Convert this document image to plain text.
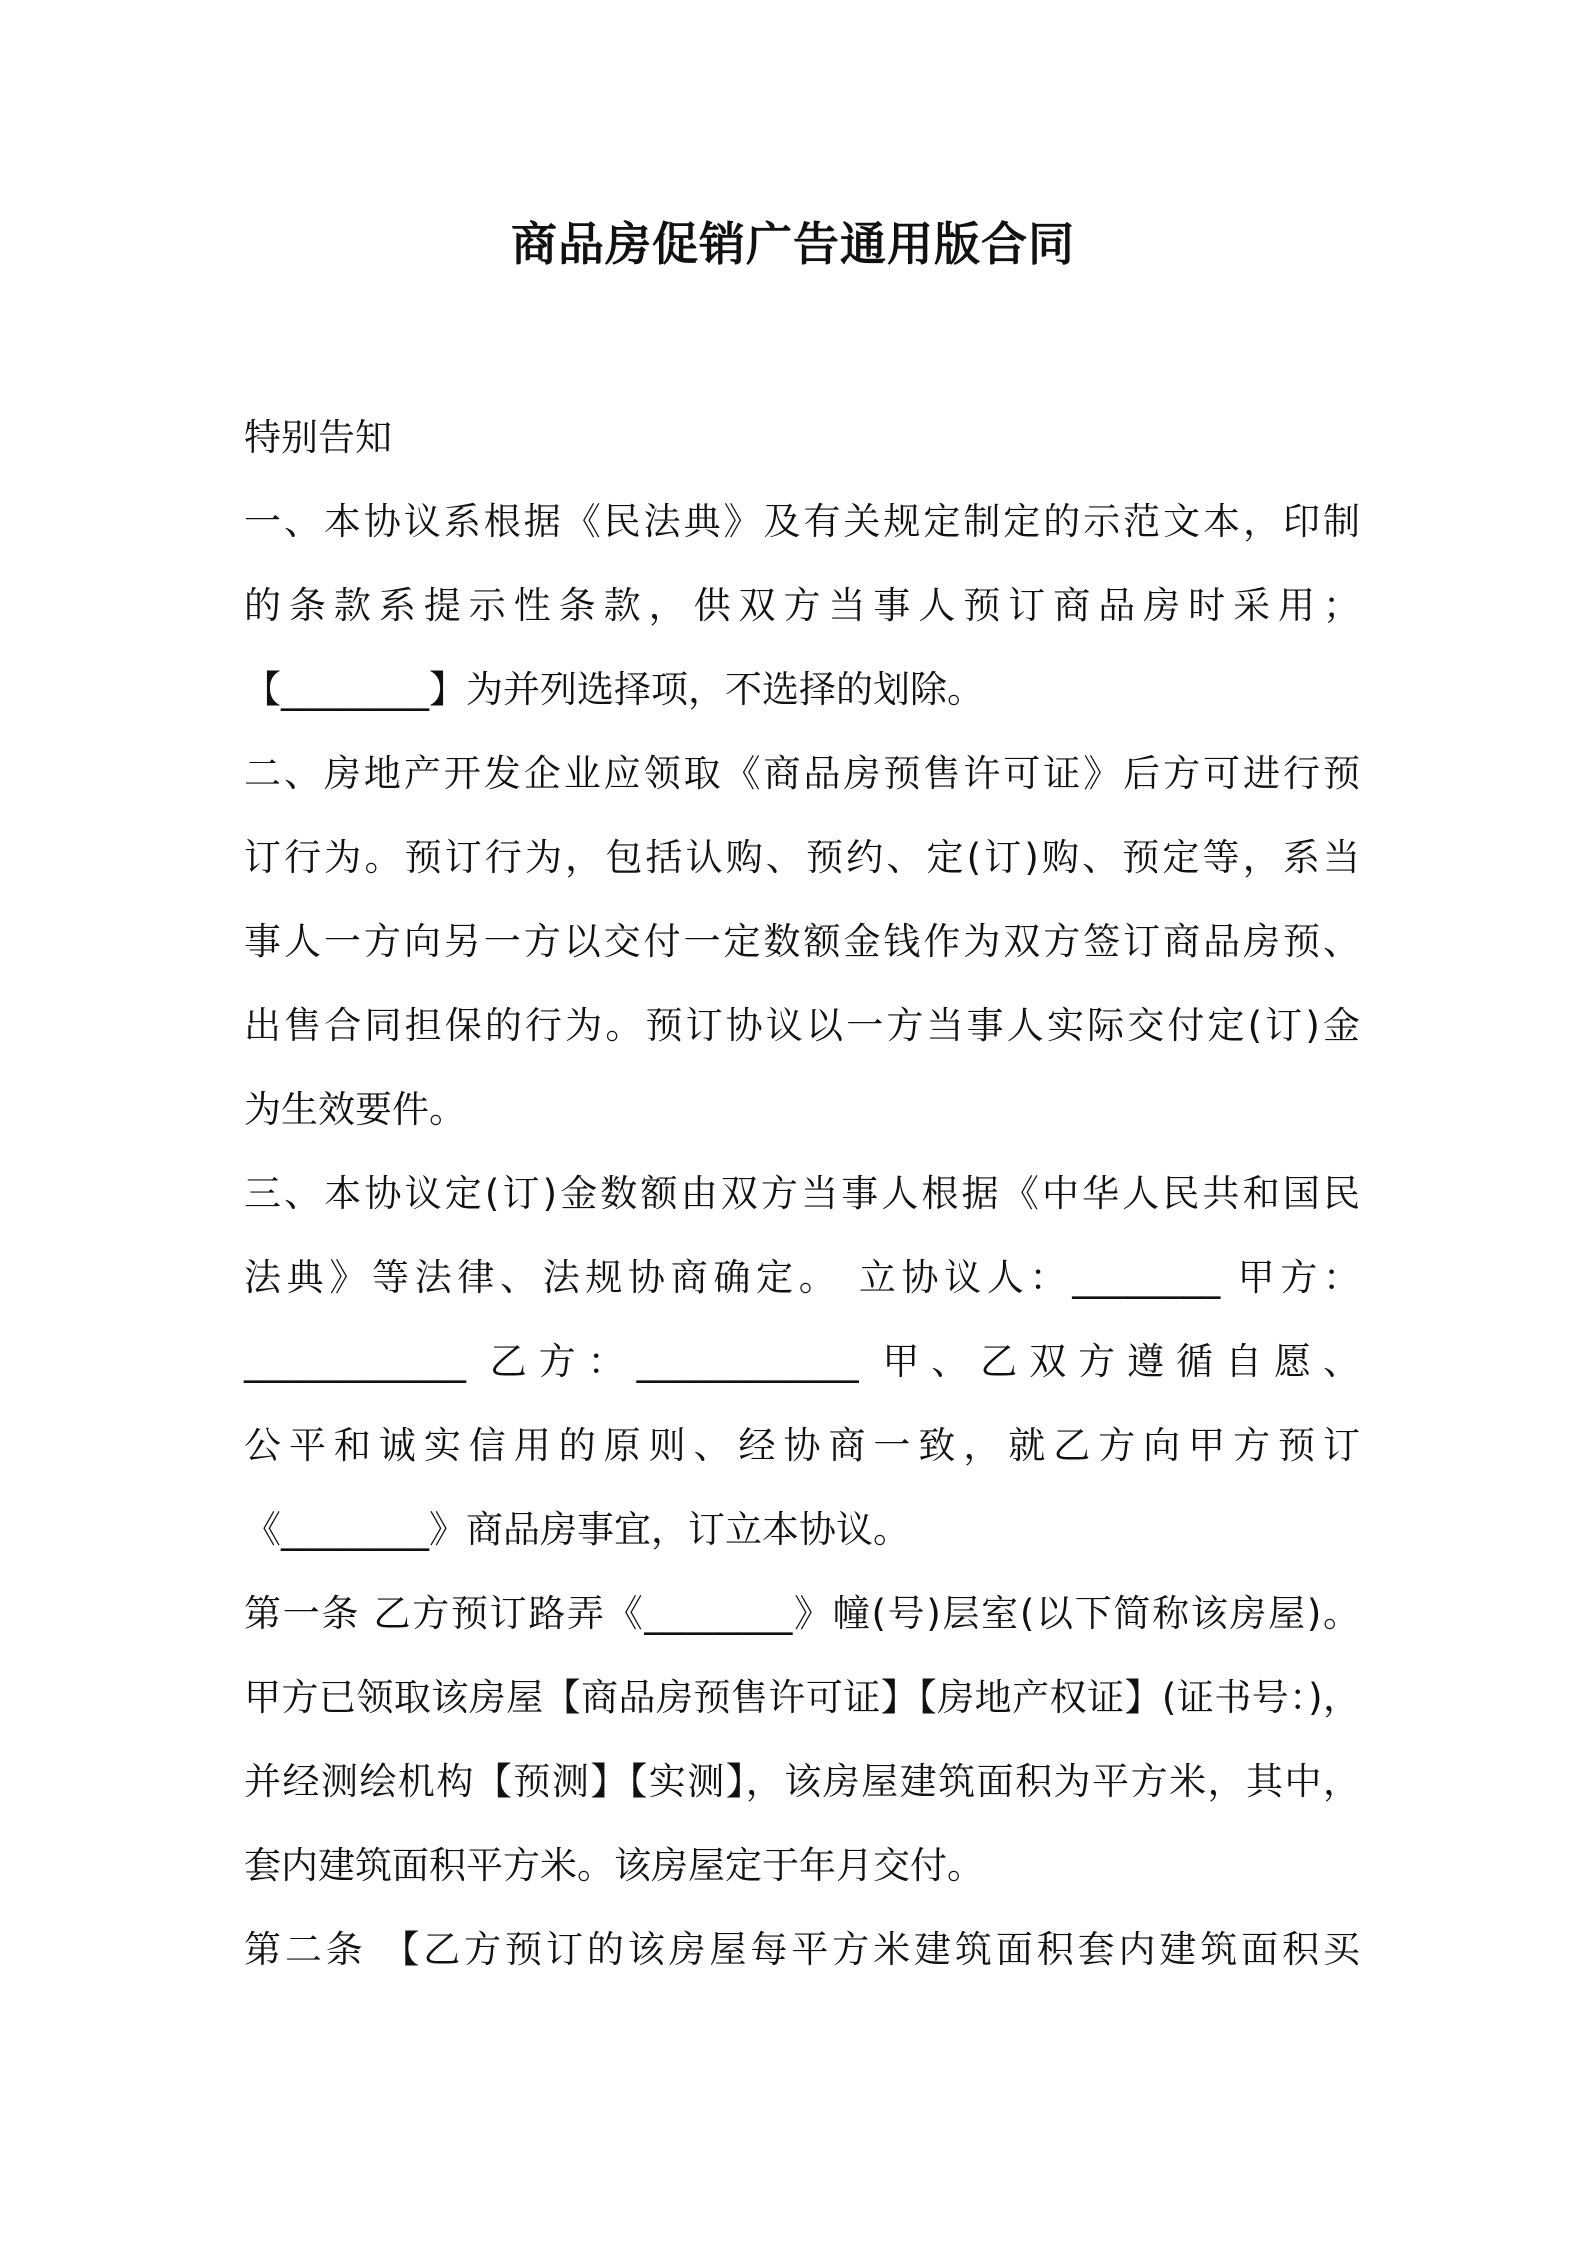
商品房促销广告通用版合同

特别告知

一、本协议系根据《民法典》及有关规定制定的示范文本，印制

的条款系提示性条款，供双方当事人预订商品房时采用；

【________】为并列选择项，不选择的划除。

二、房地产开发企业应领取《商品房预售许可证》后方可进行预

订行为。预订行为，包括认购、预约、定(订)购、预定等，系当

事人一方向另一方以交付一定数额金钱作为双方签订商品房预、

出售合同担保的行为。预订协议以一方当事人实际交付定(订)金

为生效要件。

三、本协议定(订)金数额由双方当事人根据《中华人民共和国民

法典》等法律、法规协商确定。 立协议人：________ 甲方：

____________ 乙方：____________ 甲、乙双方遵循自愿、

公平和诚实信用的原则、经协商一致，就乙方向甲方预订

《________》商品房事宜，订立本协议。

第一条 乙方预订路弄《________》幢(号)层室(以下简称该房屋)。

甲方已领取该房屋【商品房预售许可证】【房地产权证】(证书号：)，

并经测绘机构【预测】【实测】，该房屋建筑面积为平方米，其中，

套内建筑面积平方米。该房屋定于年月交付。

第二条 【乙方预订的该房屋每平方米建筑面积套内建筑面积买
